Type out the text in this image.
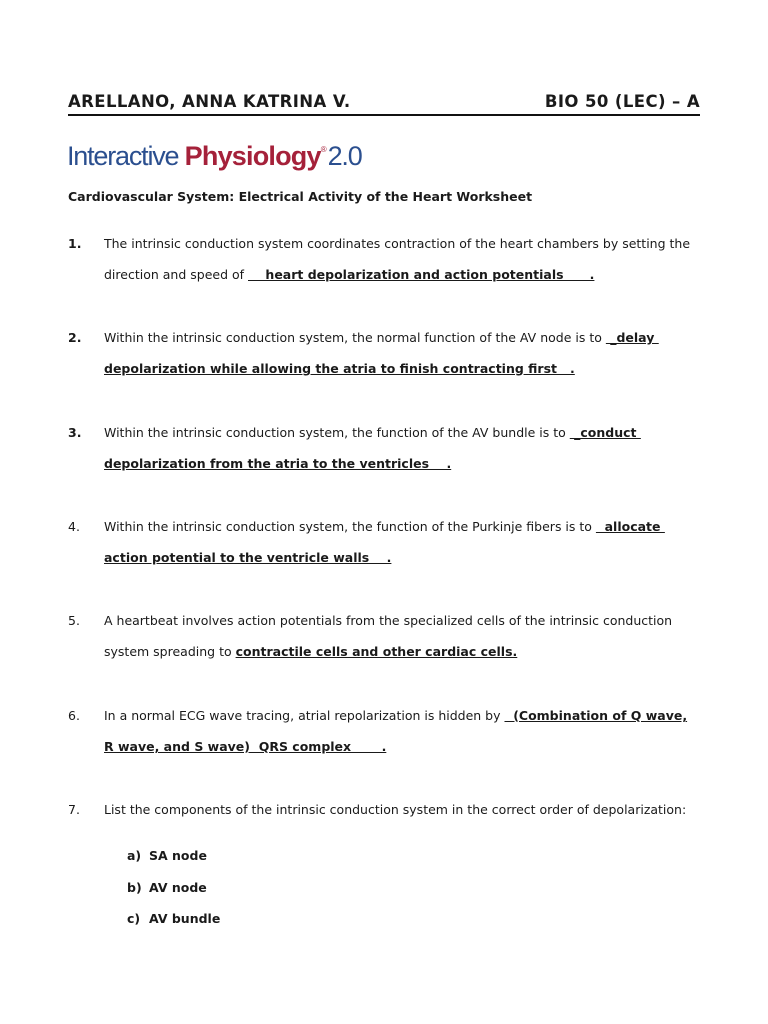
ARELLANO, ANNA KATRINA V.	BIO 50 (LEC) – A
Interactive Physiology®2.0
Cardiovascular System: Electrical Activity of the Heart Worksheet
1. The intrinsic conduction system coordinates contraction of the heart chambers by setting the
direction and speed of     heart depolarization and action potentials      .
2. Within the intrinsic conduction system, the normal function of the AV node is to  _delay
depolarization while allowing the atria to finish contracting first   .
3. Within the intrinsic conduction system, the function of the AV bundle is to  _conduct
depolarization from the atria to the ventricles    .
4. Within the intrinsic conduction system, the function of the Purkinje fibers is to   allocate
action potential to the ventricle walls    .
5. A heartbeat involves action potentials from the specialized cells of the intrinsic conduction
system spreading to contractile cells and other cardiac cells.
6. In a normal ECG wave tracing, atrial repolarization is hidden by   (Combination of Q wave,
R wave, and S wave)  QRS complex       .
7. List the components of the intrinsic conduction system in the correct order of depolarization:
a) SA node
b) AV node
c) AV bundle
